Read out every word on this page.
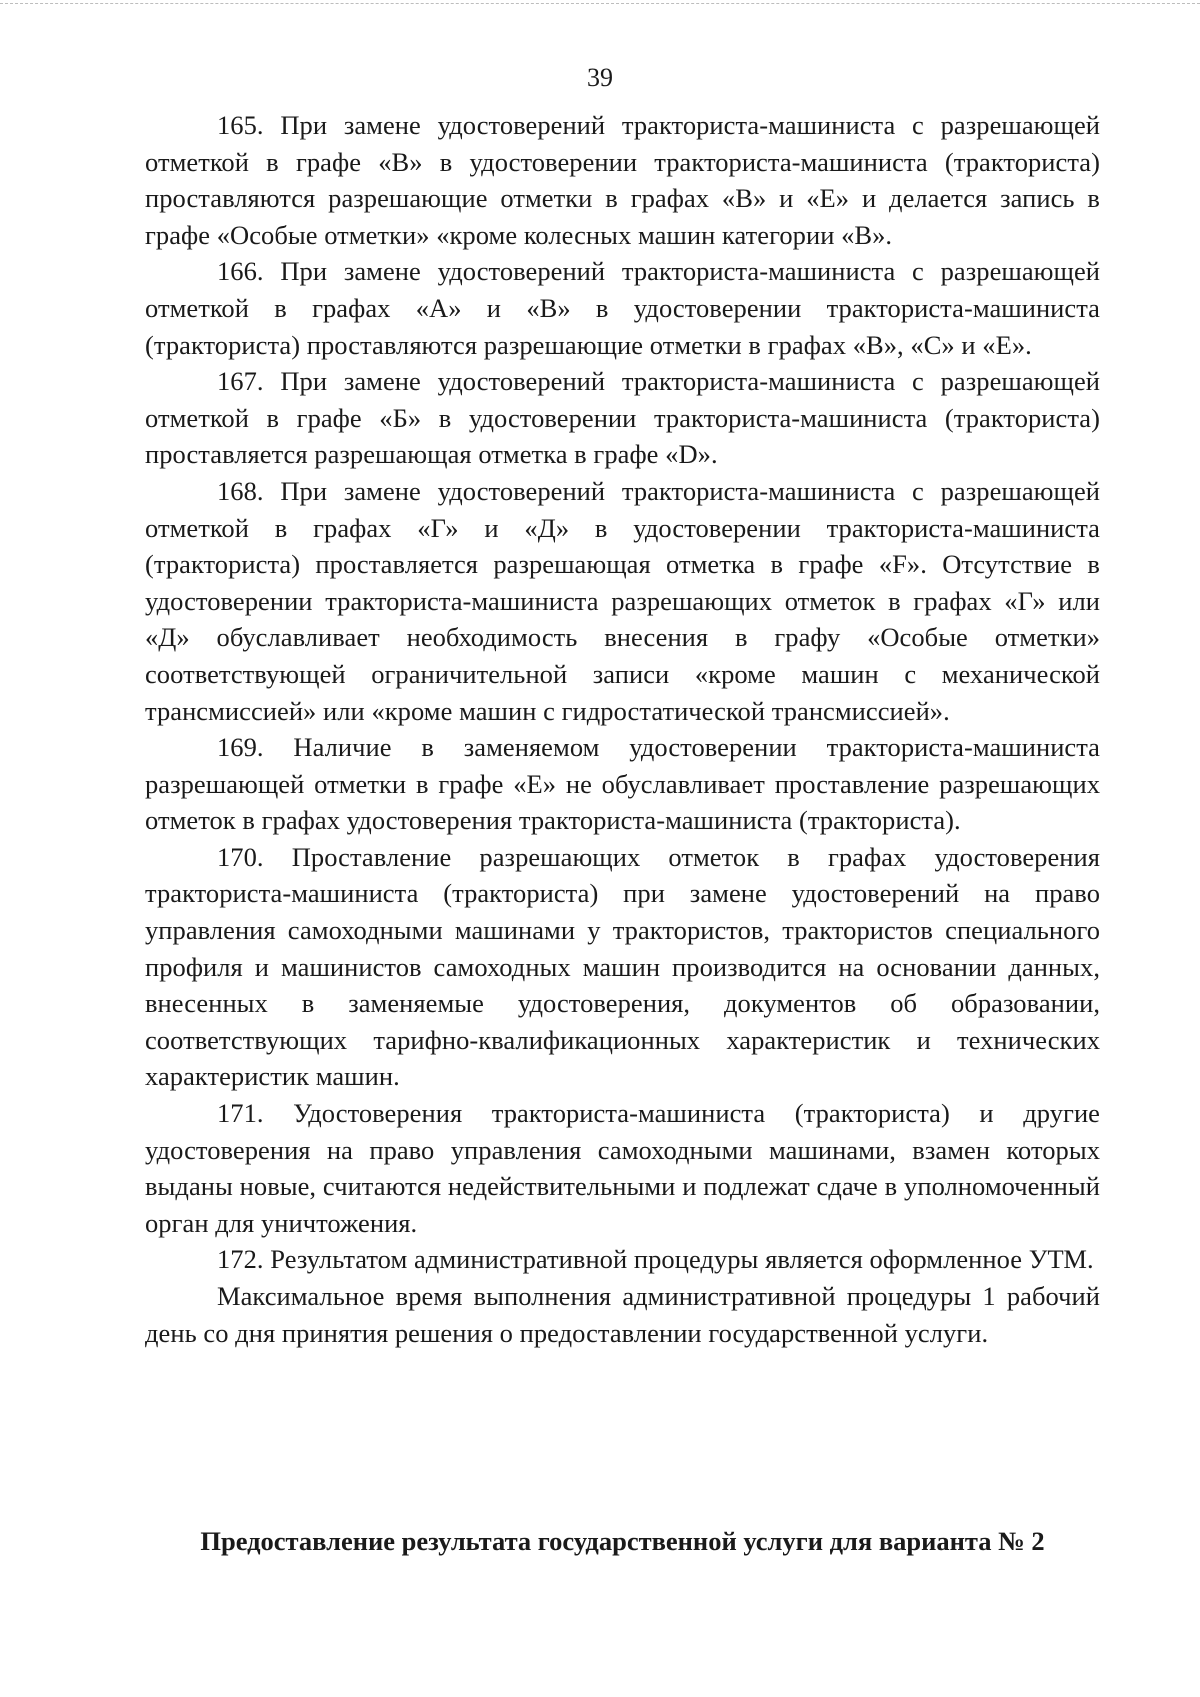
39

165. При замене удостоверений тракториста-машиниста с разрешающей отметкой в графе «В» в удостоверении тракториста-машиниста (тракториста) проставляются разрешающие отметки в графах «В» и «Е» и делается запись в графе «Особые отметки» «кроме колесных машин категории «В».

166. При замене удостоверений тракториста-машиниста с разрешающей отметкой в графах «А» и «В» в удостоверении тракториста-машиниста (тракториста) проставляются разрешающие отметки в графах «В», «С» и «Е».

167. При замене удостоверений тракториста-машиниста с разрешающей отметкой в графе «Б» в удостоверении тракториста-машиниста (тракториста) проставляется разрешающая отметка в графе «D».

168. При замене удостоверений тракториста-машиниста с разрешающей отметкой в графах «Г» и «Д» в удостоверении тракториста-машиниста (тракториста) проставляется разрешающая отметка в графе «F». Отсутствие в удостоверении тракториста-машиниста разрешающих отметок в графах «Г» или «Д» обуславливает необходимость внесения в графу «Особые отметки» соответствующей ограничительной записи «кроме машин с механической трансмиссией» или «кроме машин с гидростатической трансмиссией».

169. Наличие в заменяемом удостоверении тракториста-машиниста разрешающей отметки в графе «Е» не обуславливает проставление разрешающих отметок в графах удостоверения тракториста-машиниста (тракториста).

170. Проставление разрешающих отметок в графах удостоверения тракториста-машиниста (тракториста) при замене удостоверений на право управления самоходными машинами у трактористов, трактористов специального профиля и машинистов самоходных машин производится на основании данных, внесенных в заменяемые удостоверения, документов об образовании, соответствующих тарифно-квалификационных характеристик и технических характеристик машин.

171. Удостоверения тракториста-машиниста (тракториста) и другие удостоверения на право управления самоходными машинами, взамен которых выданы новые, считаются недействительными и подлежат сдаче в уполномоченный орган для уничтожения.

172. Результатом административной процедуры является оформленное УТМ.

Максимальное время выполнения административной процедуры 1 рабочий день со дня принятия решения о предоставлении государственной услуги.

Предоставление результата государственной услуги для варианта № 2
